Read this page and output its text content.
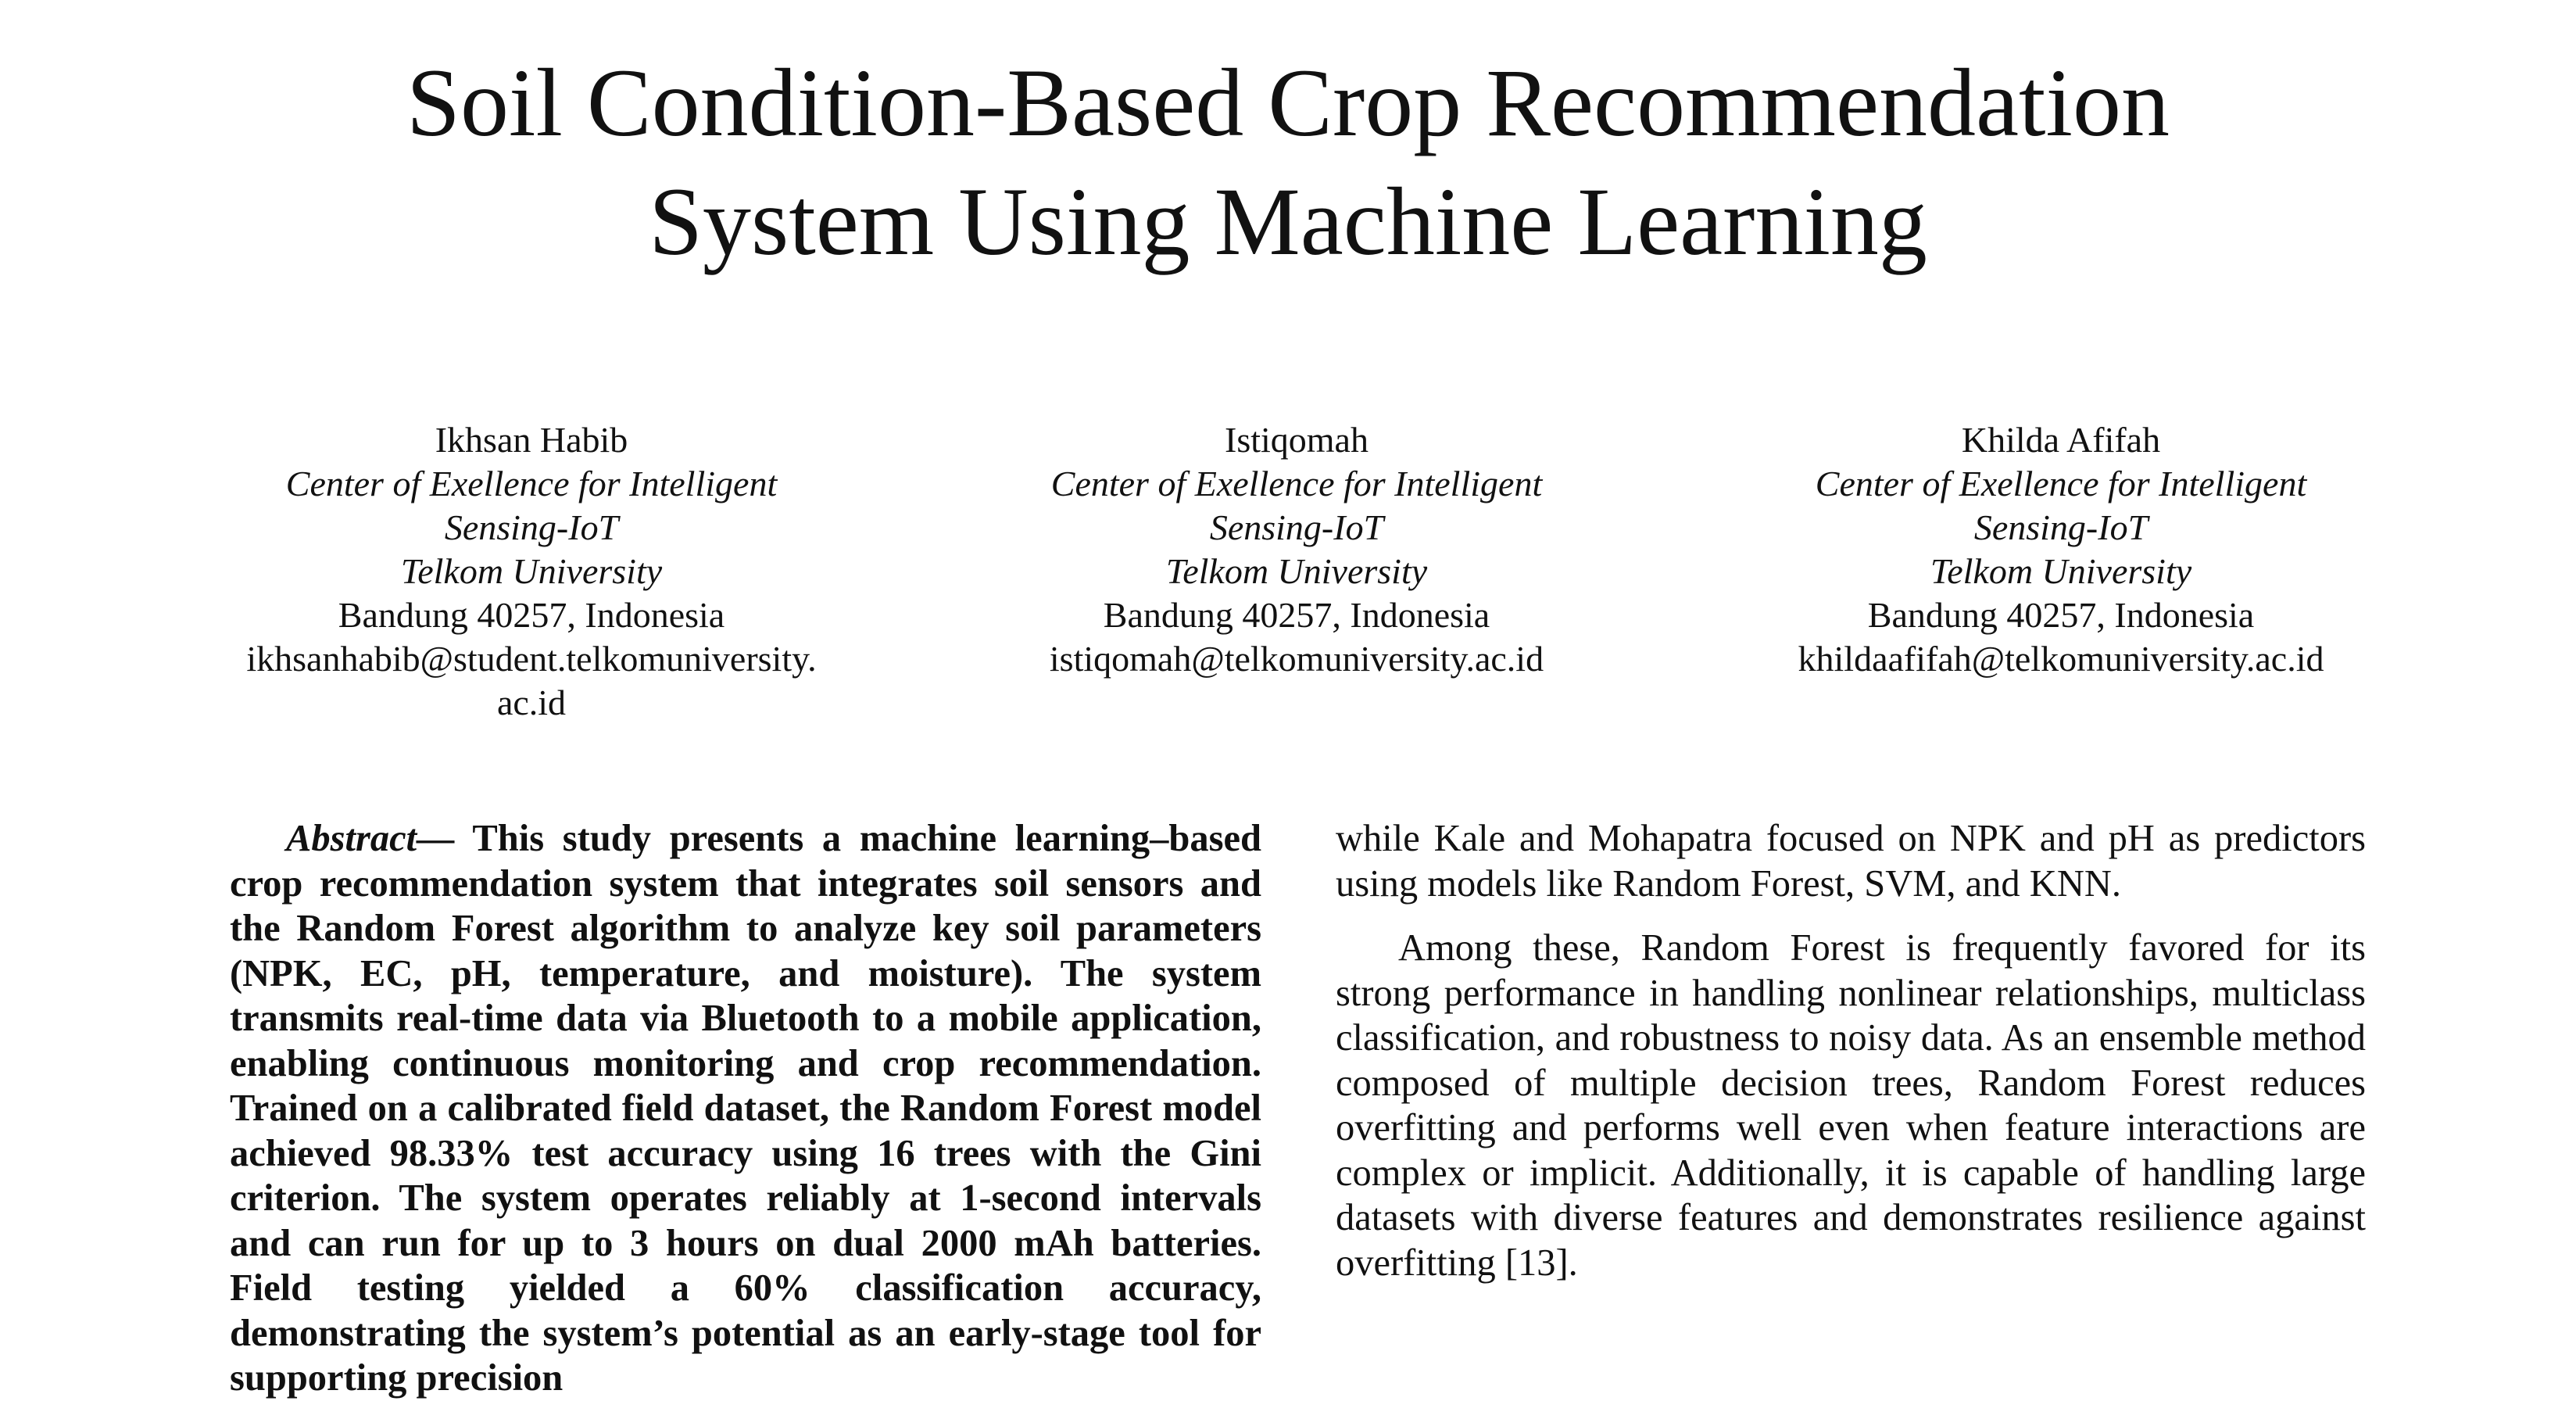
Soil Condition-Based Crop Recommendation
System Using Machine Learning
Ikhsan Habib
Center of Exellence for Intelligent
Sensing-IoT
Telkom University
Bandung 40257, Indonesia
ikhsanhabib@student.telkomuniversity.
ac.id
Istiqomah
Center of Exellence for Intelligent
Sensing-IoT
Telkom University
Bandung 40257, Indonesia
istiqomah@telkomuniversity.ac.id
Khilda Afifah
Center of Exellence for Intelligent
Sensing-IoT
Telkom University
Bandung 40257, Indonesia
khildaafifah@telkomuniversity.ac.id

Abstract— This study presents a machine learning–based crop recommendation system that integrates soil sensors and the Random Forest algorithm to analyze key soil parameters (NPK, EC, pH, temperature, and moisture). The system transmits real-time data via Bluetooth to a mobile application, enabling continuous monitoring and crop recommendation. Trained on a calibrated field dataset, the Random Forest model achieved 98.33% test accuracy using 16 trees with the Gini criterion. The system operates reliably at 1-second intervals and can run for up to 3 hours on dual 2000 mAh batteries. Field testing yielded a 60% classification accuracy, demonstrating the system’s potential as an early-stage tool for supporting precision

while Kale and Mohapatra focused on NPK and pH as predictors using models like Random Forest, SVM, and KNN.

Among these, Random Forest is frequently favored for its strong performance in handling nonlinear relationships, multiclass classification, and robustness to noisy data. As an ensemble method composed of multiple decision trees, Random Forest reduces overfitting and performs well even when feature interactions are complex or implicit. Additionally, it is capable of handling large datasets with diverse features and demonstrates resilience against overfitting [13].
